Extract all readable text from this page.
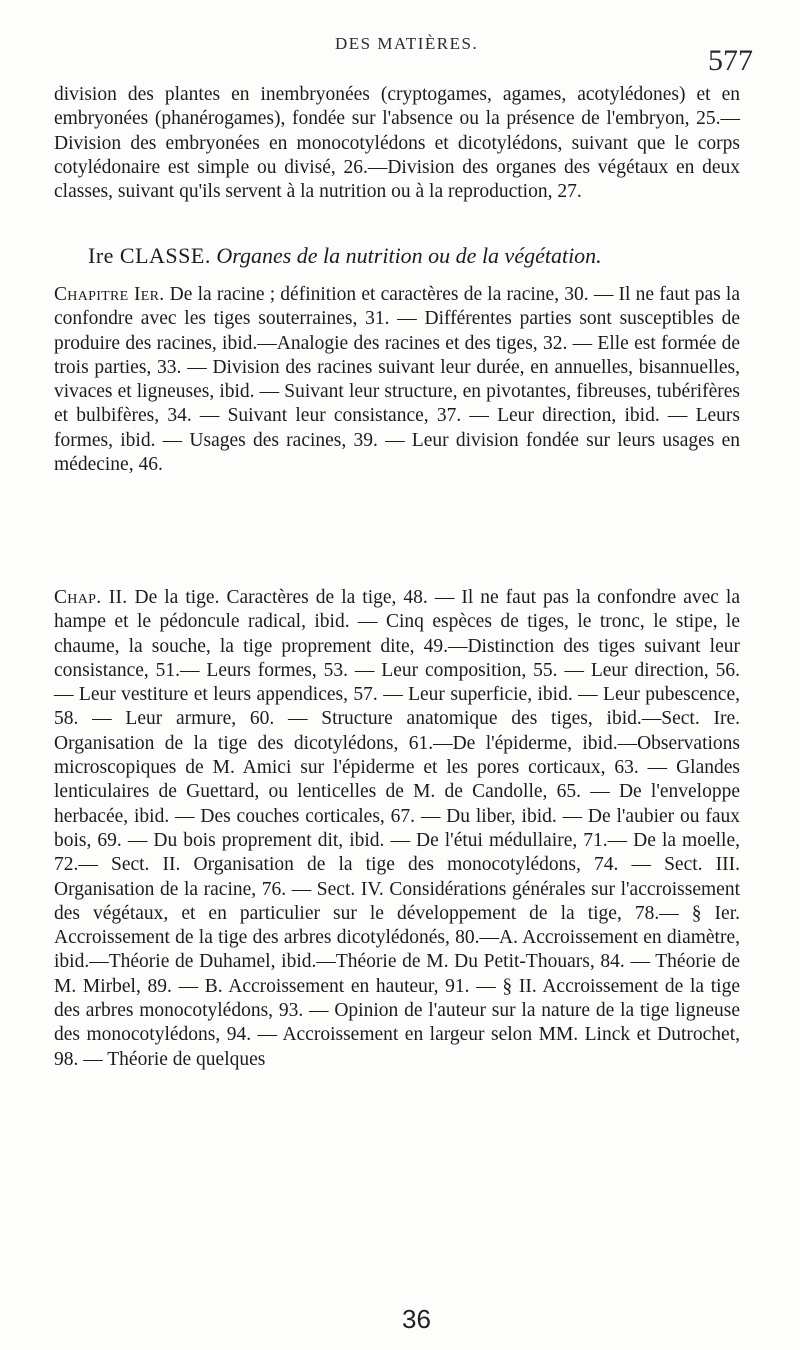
DES MATIÈRES.
577
division des plantes en inembryonées (cryptogames, agames, acotylédones) et en embryonées (phanérogames), fondée sur l'absence ou la présence de l'embryon, 25.—Division des embryonées en monocotylédons et dicotylédons, suivant que le corps cotylédonaire est simple ou divisé, 26.—Division des organes des végétaux en deux classes, suivant qu'ils servent à la nutrition ou à la reproduction, 27.
Ire CLASSE. Organes de la nutrition ou de la végétation.
Chapitre Ier. De la racine ; définition et caractères de la racine, 30. — Il ne faut pas la confondre avec les tiges souterraines, 31. — Différentes parties sont susceptibles de produire des racines, ibid.—Analogie des racines et des tiges, 32. — Elle est formée de trois parties, 33. — Division des racines suivant leur durée, en annuelles, bisannuelles, vivaces et ligneuses, ibid. — Suivant leur structure, en pivotantes, fibreuses, tubérifères et bulbifères, 34. — Suivant leur consistance, 37. — Leur direction, ibid. — Leurs formes, ibid. — Usages des racines, 39. — Leur division fondée sur leurs usages en médecine, 46.
Chap. II. De la tige. Caractères de la tige, 48. — Il ne faut pas la confondre avec la hampe et le pédoncule radical, ibid. — Cinq espèces de tiges, le tronc, le stipe, le chaume, la souche, la tige proprement dite, 49.—Distinction des tiges suivant leur consistance, 51.— Leurs formes, 53. — Leur composition, 55. — Leur direction, 56. — Leur vestiture et leurs appendices, 57. — Leur superficie, ibid. — Leur pubescence, 58. — Leur armure, 60. — Structure anatomique des tiges, ibid.—Sect. Ire. Organisation de la tige des dicotylédons, 61.—De l'épiderme, ibid.—Observations microscopiques de M. Amici sur l'épiderme et les pores corticaux, 63. — Glandes lenticulaires de Guettard, ou lenticelles de M. de Candolle, 65. — De l'enveloppe herbacée, ibid. — Des couches corticales, 67. — Du liber, ibid. — De l'aubier ou faux bois, 69. — Du bois proprement dit, ibid. — De l'étui médullaire, 71.— De la moelle, 72.— Sect. II. Organisation de la tige des monocotylédons, 74. — Sect. III. Organisation de la racine, 76. — Sect. IV. Considérations générales sur l'accroissement des végétaux, et en particulier sur le développement de la tige, 78.— § Ier. Accroissement de la tige des arbres dicotylédonés, 80.—A. Accroissement en diamètre, ibid.—Théorie de Duhamel, ibid.—Théorie de M. Du Petit-Thouars, 84. — Théorie de M. Mirbel, 89. — B. Accroissement en hauteur, 91. — § II. Accroissement de la tige des arbres monocotylédons, 93. — Opinion de l'auteur sur la nature de la tige ligneuse des monocotylédons, 94. — Accroissement en largeur selon MM. Linck et Dutrochet, 98. — Théorie de quelques
36
